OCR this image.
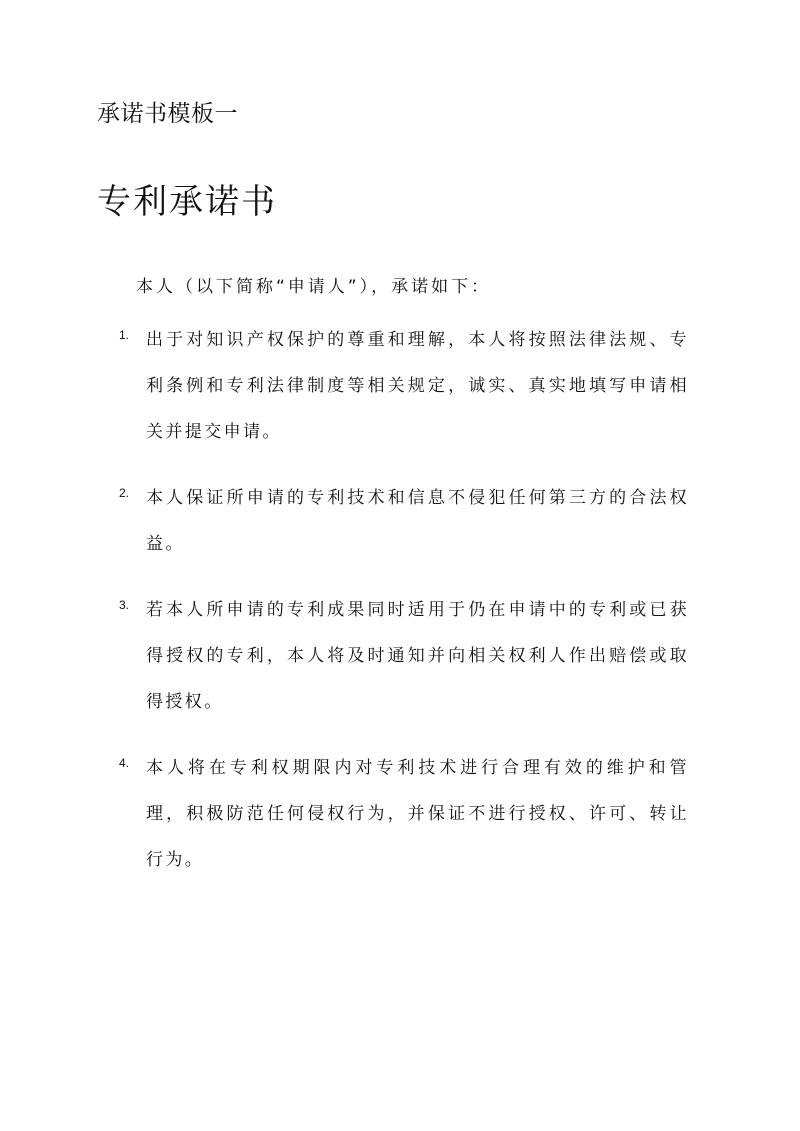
承诺书模板一
专利承诺书
本人（以下简称“申请人”），承诺如下：
1. 出于对知识产权保护的尊重和理解，本人将按照法律法规、专利条例和专利法律制度等相关规定，诚实、真实地填写申请相关并提交申请。
2. 本人保证所申请的专利技术和信息不侵犯任何第三方的合法权益。
3. 若本人所申请的专利成果同时适用于仍在申请中的专利或已获得授权的专利，本人将及时通知并向相关权利人作出赔偿或取得授权。
4. 本人将在专利权期限内对专利技术进行合理有效的维护和管理，积极防范任何侵权行为，并保证不进行授权、许可、转让行为。
